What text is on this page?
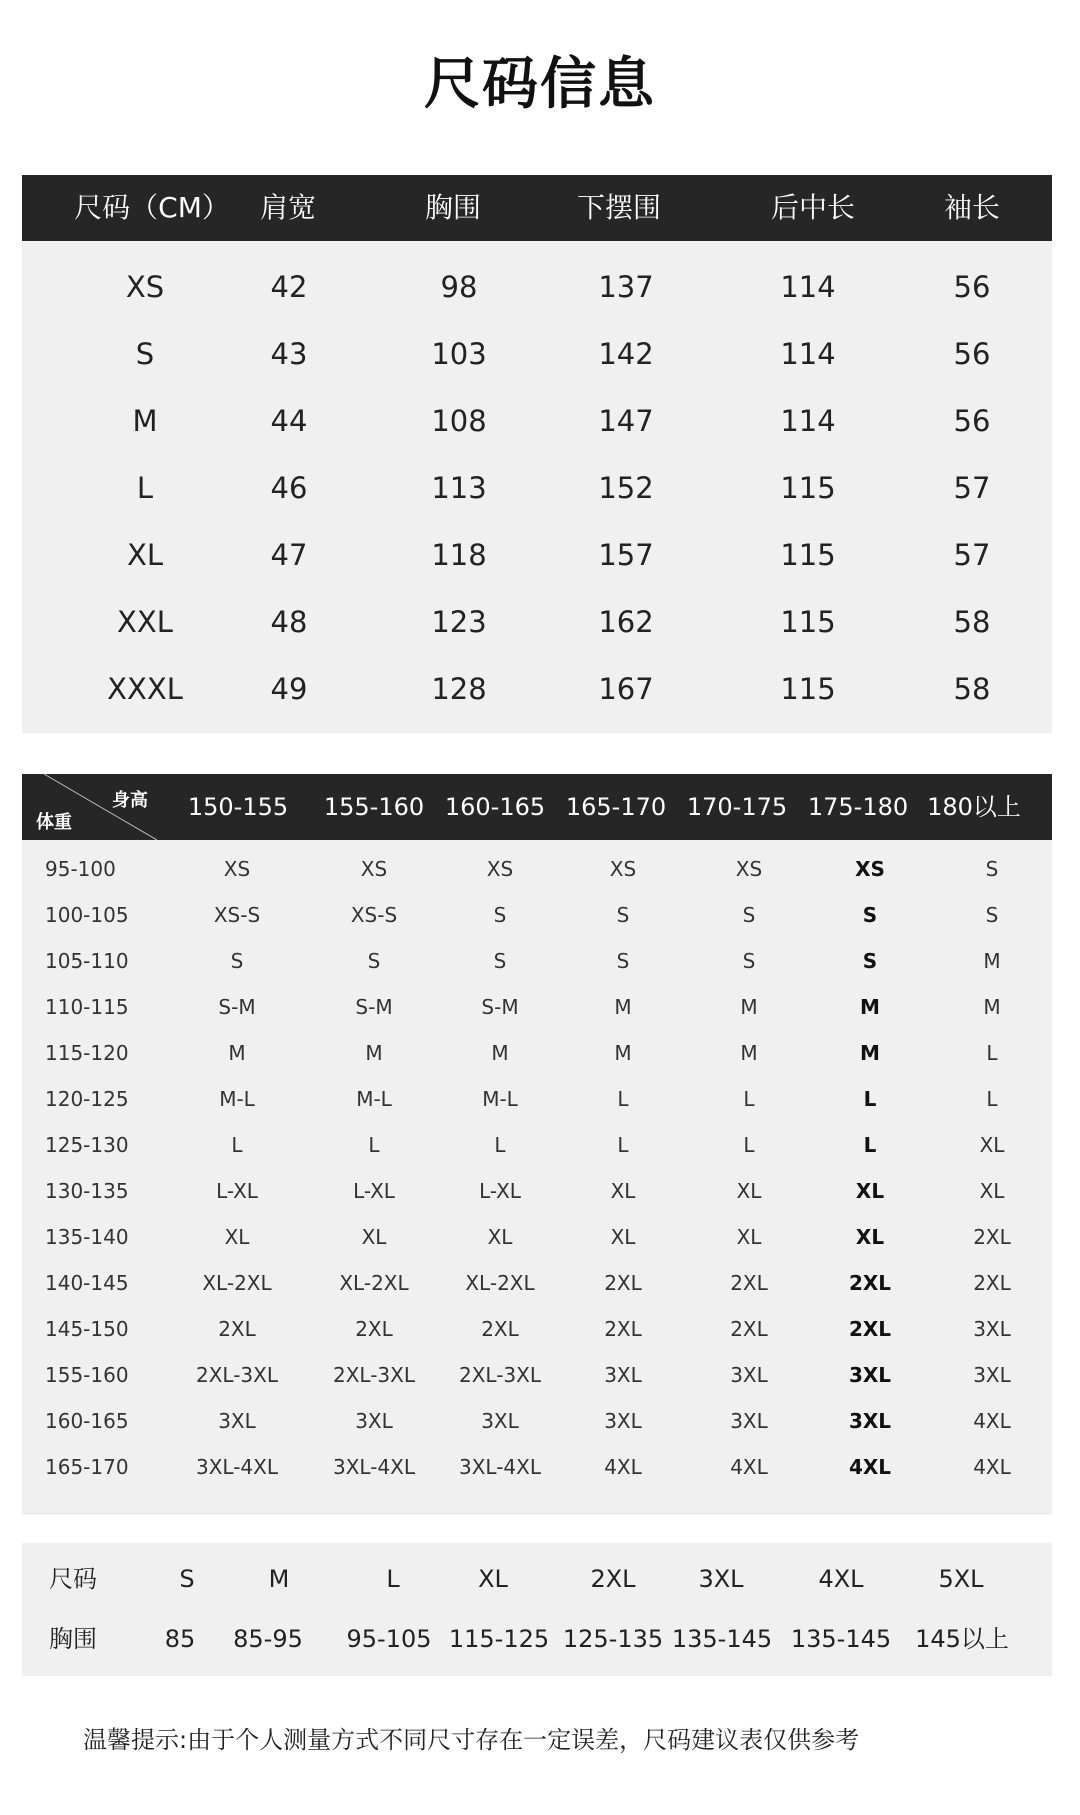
尺码信息
尺码（CM） 肩宽	胸围	下摆围	后中长	袖长
XS	42	98	137	114	56
S	43	103	142	114	56
M	44	108	147	114	56
L	46	113	152	115	57
XL	47	118	157	115	57
XXL	48	123	162	115	58
XXXL	49	128	167	115	58
身高
体重
150-155 155-160 160-165 165-170 170-175 175-180 180以上
95-100	XS	XS	XS	XS	XS	XS	S
100-105	XS-S	XS-S	S	S	S	S	S
105-110	S	S	S	S	S	S	M
110-115	S-M	S-M	S-M	M	M	M	M
115-120	M	M	M	M	M	M	L
120-125	M-L	M-L	M-L	L	L	L	L
125-130	L	L	L	L	L	L	XL
130-135	L-XL	L-XL	L-XL	XL	XL	XL	XL
135-140	XL	XL	XL	XL	XL	XL	2XL
140-145	XL-2XL	XL-2XL	XL-2XL	2XL	2XL	2XL	2XL
145-150	2XL	2XL	2XL	2XL	2XL	2XL	3XL
155-160	2XL-3XL	2XL-3XL 2XL-3XL	3XL	3XL	3XL	3XL
160-165	3XL	3XL	3XL	3XL	3XL	3XL	4XL
165-170	3XL-4XL	3XL-4XL 3XL-4XL	4XL	4XL	4XL	4XL
尺码	S	M	L	XL	2XL	3XL	4XL	5XL
胸围	85 85-95 95-105 115-125 125-135 135-145 135-145 145以上
温馨提示:由于个人测量方式不同尺寸存在一定误差，尺码建议表仅供参考
